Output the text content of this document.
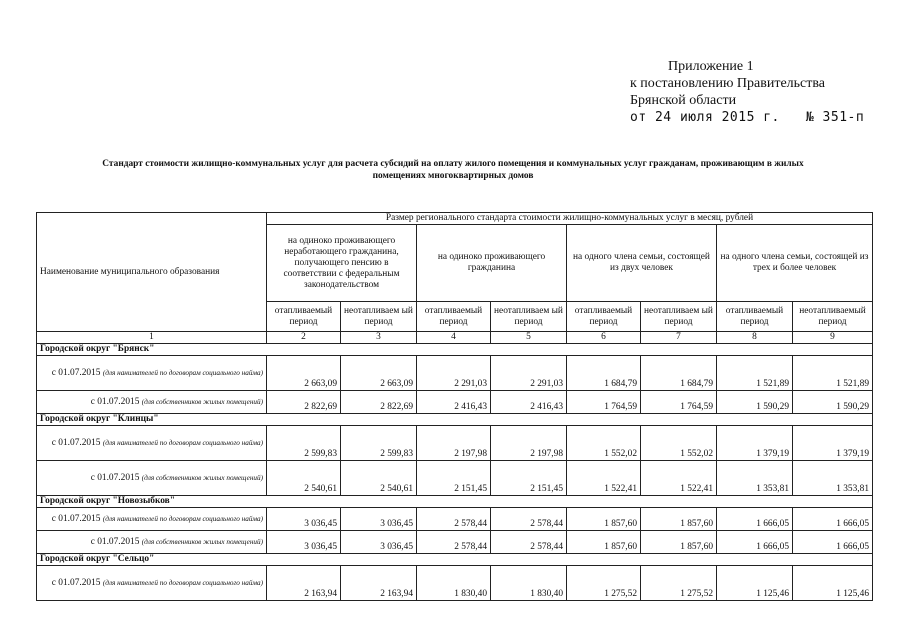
Приложение 1
к постановлению Правительства
Брянской области
от 24 июля 2015 г. № 351-п
Стандарт стоимости жилищно-коммунальных услуг для расчета субсидий на оплату жилого помещения и коммунальных услуг гражданам, проживающим в жилых
помещениях многоквартирных домов
Наименование муниципального образования	Размер регионального стандарта стоимости жилищно-коммунальных услуг в месяц, рублей							
	на одиноко проживающего неработающего гражданина, получающего пенсию в соответствии с федеральным законодательством		на одиноко проживающего гражданина		на одного члена семьи, состоящей из двух человек		на одного члена семьи, состоящей из трех и более человек	
	отапливаемый период	неотапливаем ый период	отапливаемый период	неотапливаем ый период	отапливаемый период	неотапливаем ый период	отапливаемый период	неотапливаемый период
1	2	3	4	5	6	7	8	9
Городской округ "Брянск"								
с 01.07.2015 (для нанимателей по договорам социального найма)	2 663,09	2 663,09	2 291,03	2 291,03	1 684,79	1 684,79	1 521,89	1 521,89
с 01.07.2015 (для собственников жилых помещений)	2 822,69	2 822,69	2 416,43	2 416,43	1 764,59	1 764,59	1 590,29	1 590,29
Городской округ "Клинцы"								
с 01.07.2015 (для нанимателей по договорам социального найма)	2 599,83	2 599,83	2 197,98	2 197,98	1 552,02	1 552,02	1 379,19	1 379,19
с 01.07.2015 (для собственников жилых помещений)	2 540,61	2 540,61	2 151,45	2 151,45	1 522,41	1 522,41	1 353,81	1 353,81
Городской округ "Новозыбков"								
с 01.07.2015 (для нанимателей по договорам социального найма)	3 036,45	3 036,45	2 578,44	2 578,44	1 857,60	1 857,60	1 666,05	1 666,05
с 01.07.2015 (для собственников жилых помещений)	3 036,45	3 036,45	2 578,44	2 578,44	1 857,60	1 857,60	1 666,05	1 666,05
Городской округ "Сельцо"								
с 01.07.2015 (для нанимателей по договорам социального найма)	2 163,94	2 163,94	1 830,40	1 830,40	1 275,52	1 275,52	1 125,46	1 125,46
